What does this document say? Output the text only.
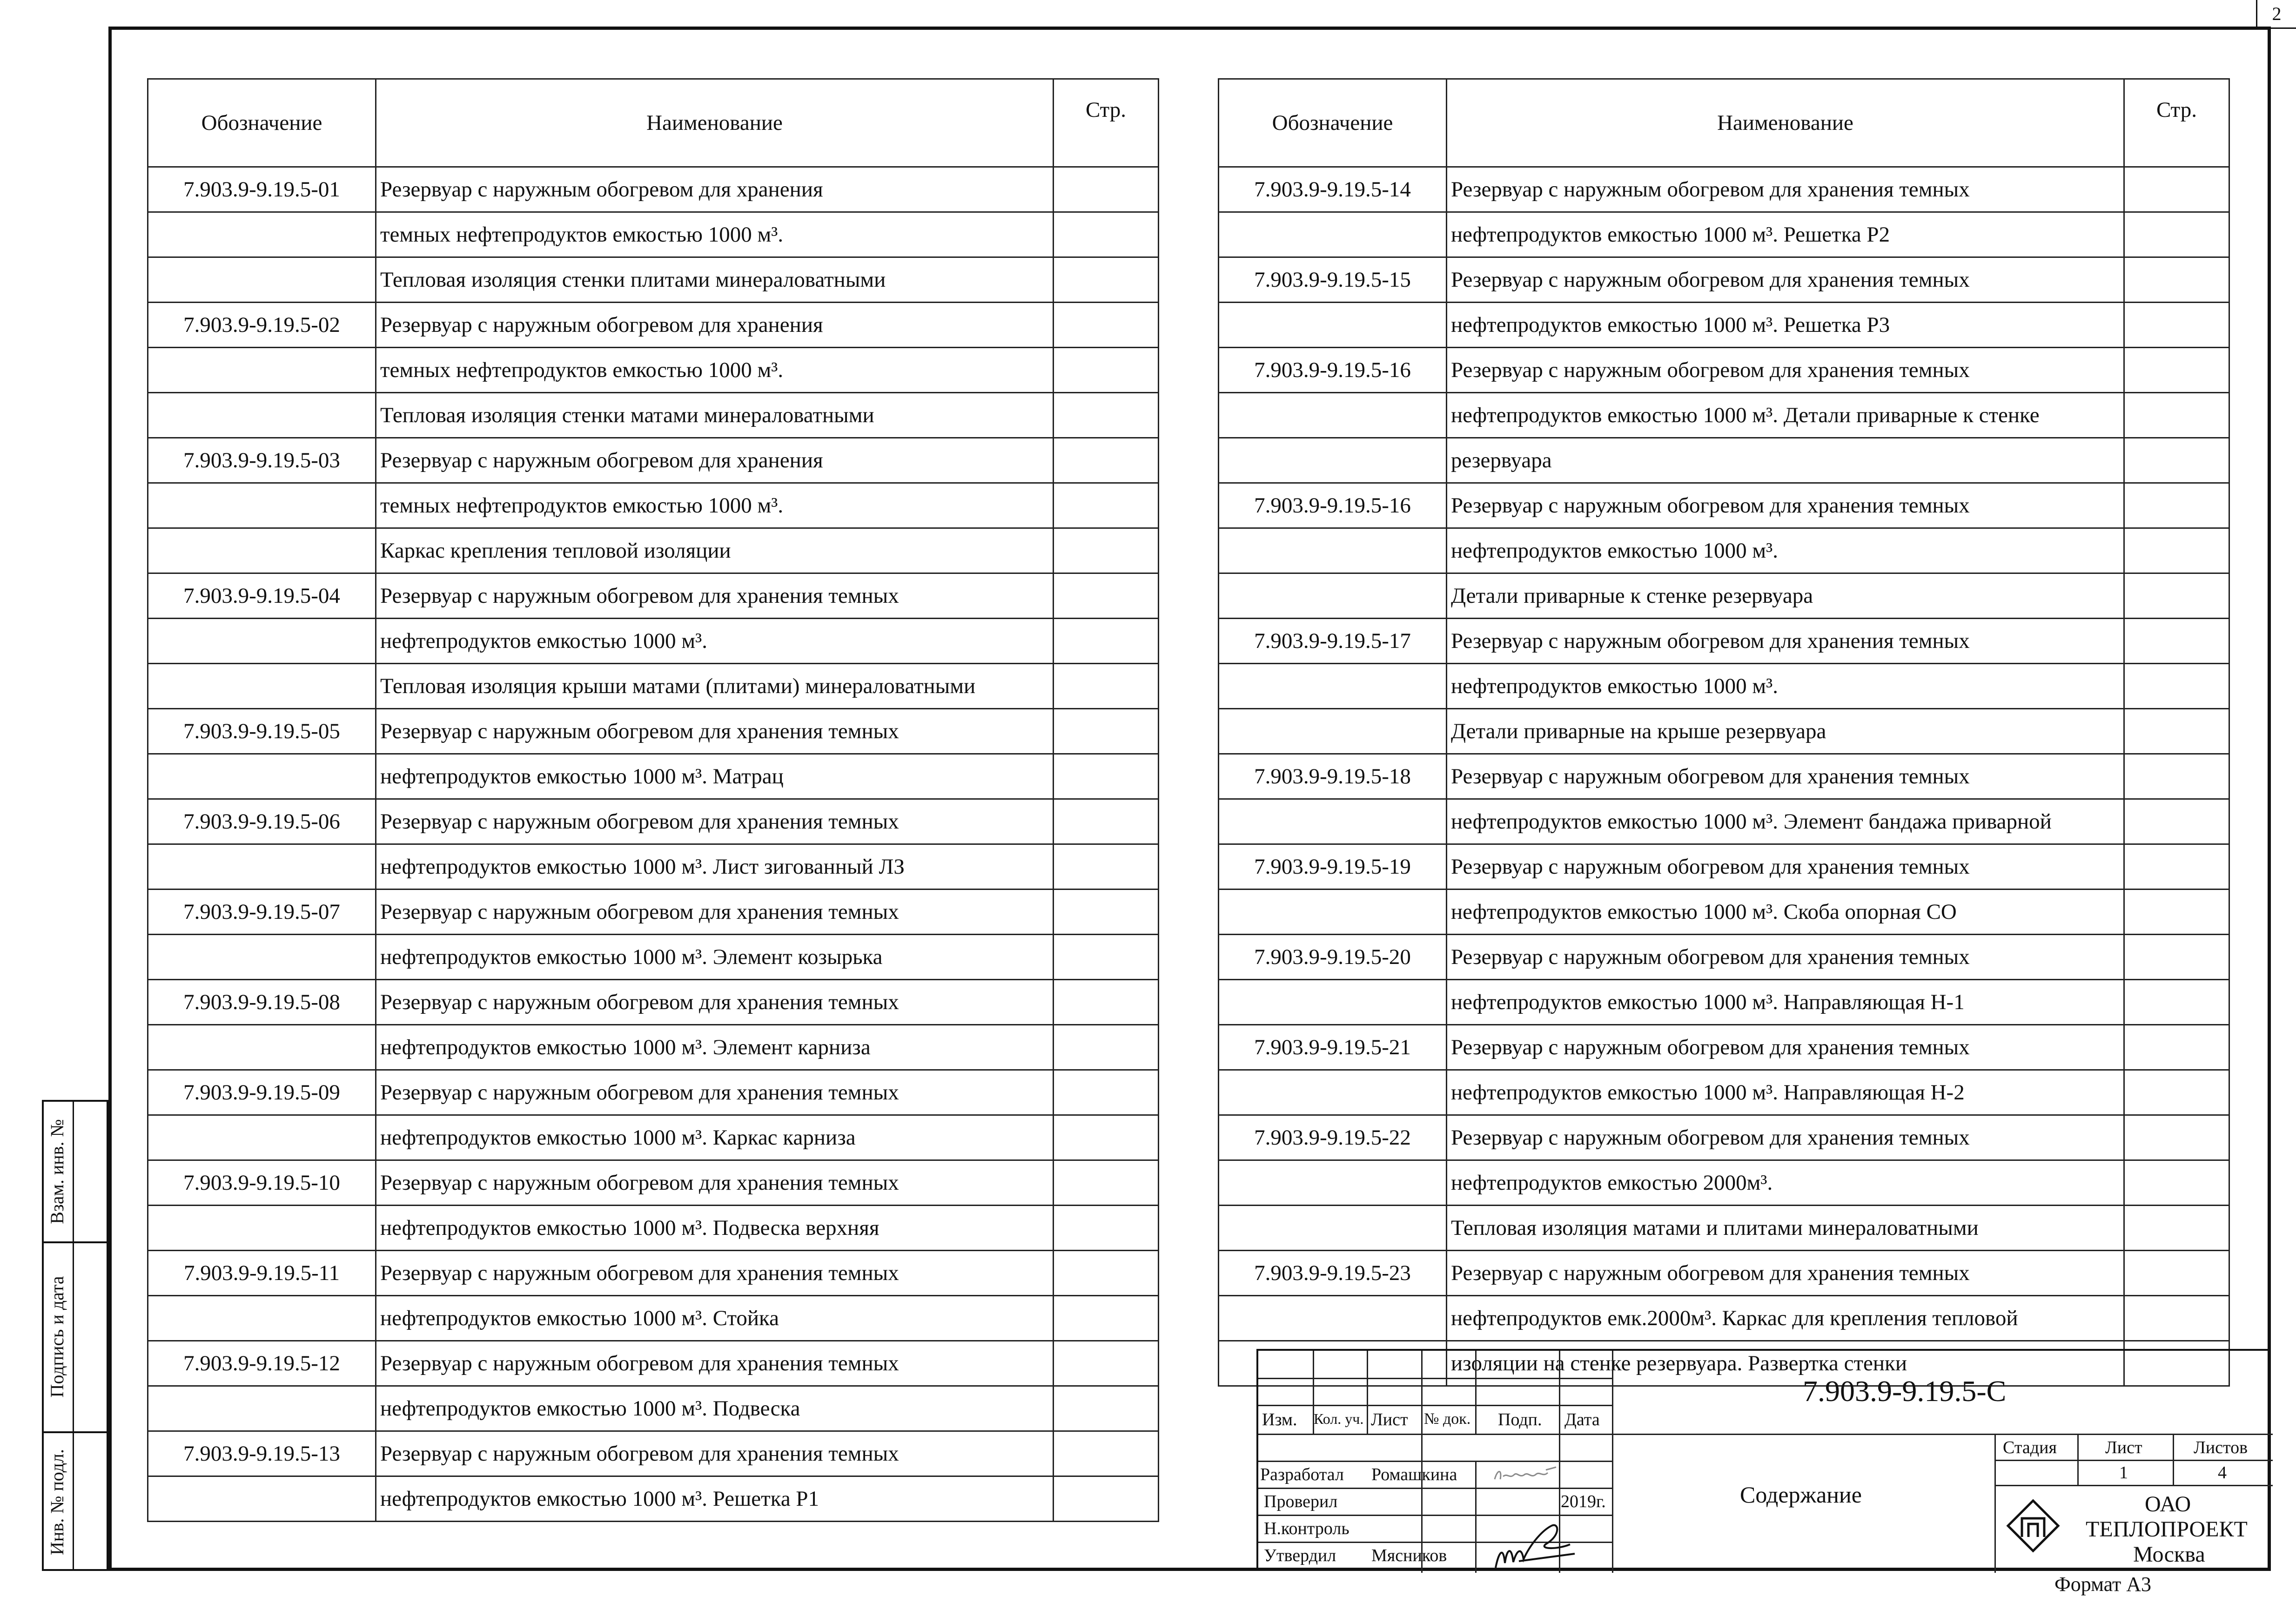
2
Обозначение	Наименование	Стр.
7.903.9-9.19.5-01	Резервуар с наружным обогревом для хранения	
	темных нефтепродуктов емкостью 1000 м³.	
	Тепловая изоляция стенки плитами минераловатными	
7.903.9-9.19.5-02	Резервуар с наружным обогревом для хранения	
	темных нефтепродуктов емкостью 1000 м³.	
	Тепловая изоляция стенки матами минераловатными	
7.903.9-9.19.5-03	Резервуар с наружным обогревом для хранения	
	темных нефтепродуктов емкостью 1000 м³.	
	Каркас крепления тепловой изоляции	
7.903.9-9.19.5-04	Резервуар с наружным обогревом для хранения темных	
	нефтепродуктов емкостью 1000 м³.	
	Тепловая изоляция крыши матами (плитами) минераловатными	
7.903.9-9.19.5-05	Резервуар с наружным обогревом для хранения темных	
	нефтепродуктов емкостью 1000 м³. Матрац	
7.903.9-9.19.5-06	Резервуар с наружным обогревом для хранения темных	
	нефтепродуктов емкостью 1000 м³. Лист зигованный ЛЗ	
7.903.9-9.19.5-07	Резервуар с наружным обогревом для хранения темных	
	нефтепродуктов емкостью 1000 м³. Элемент козырька	
7.903.9-9.19.5-08	Резервуар с наружным обогревом для хранения темных	
	нефтепродуктов емкостью 1000 м³. Элемент карниза	
7.903.9-9.19.5-09	Резервуар с наружным обогревом для хранения темных	
	нефтепродуктов емкостью 1000 м³. Каркас карниза	
7.903.9-9.19.5-10	Резервуар с наружным обогревом для хранения темных	
	нефтепродуктов емкостью 1000 м³. Подвеска верхняя	
7.903.9-9.19.5-11	Резервуар с наружным обогревом для хранения темных	
	нефтепродуктов емкостью 1000 м³. Стойка	
7.903.9-9.19.5-12	Резервуар с наружным обогревом для хранения темных	
	нефтепродуктов емкостью 1000 м³. Подвеска	
7.903.9-9.19.5-13	Резервуар с наружным обогревом для хранения темных	
	нефтепродуктов емкостью 1000 м³. Решетка Р1	
Обозначение	Наименование	Стр.
7.903.9-9.19.5-14	Резервуар с наружным обогревом для хранения темных	
	нефтепродуктов емкостью 1000 м³. Решетка Р2	
7.903.9-9.19.5-15	Резервуар с наружным обогревом для хранения темных	
	нефтепродуктов емкостью 1000 м³. Решетка Р3	
7.903.9-9.19.5-16	Резервуар с наружным обогревом для хранения темных	
	нефтепродуктов емкостью 1000 м³. Детали приварные к стенке	
	резервуара	
7.903.9-9.19.5-16	Резервуар с наружным обогревом для хранения темных	
	нефтепродуктов емкостью 1000 м³.	
	Детали приварные к стенке резервуара	
7.903.9-9.19.5-17	Резервуар с наружным обогревом для хранения темных	
	нефтепродуктов емкостью 1000 м³.	
	Детали приварные на крыше резервуара	
7.903.9-9.19.5-18	Резервуар с наружным обогревом для хранения темных	
	нефтепродуктов емкостью 1000 м³. Элемент бандажа приварной	
7.903.9-9.19.5-19	Резервуар с наружным обогревом для хранения темных	
	нефтепродуктов емкостью 1000 м³. Скоба опорная СО	
7.903.9-9.19.5-20	Резервуар с наружным обогревом для хранения темных	
	нефтепродуктов емкостью 1000 м³. Направляющая Н-1	
7.903.9-9.19.5-21	Резервуар с наружным обогревом для хранения темных	
	нефтепродуктов емкостью 1000 м³. Направляющая Н-2	
7.903.9-9.19.5-22	Резервуар с наружным обогревом для хранения темных	
	нефтепродуктов емкостью 2000м³.	
	Тепловая изоляция матами и плитами минераловатными	
7.903.9-9.19.5-23	Резервуар с наружным обогревом для хранения темных	
	нефтепродуктов емк.2000м³. Каркас для крепления тепловой	
	изоляции на стенке резервуара. Развертка стенки	
Взам. инв. №
Подпись и дата
Инв. № подл.
Изм. Кол. уч. Лист № док. Подп. Дата
Разработал Ромашкина
Проверил	2019г.
Н.контроль
Утвердил Мясников
7.903.9-9.19.5-С
Содержание
Стадия	Лист	Листов
1	4
ОАО
ТЕПЛОПРОЕКТ
Москва
Формат А3
